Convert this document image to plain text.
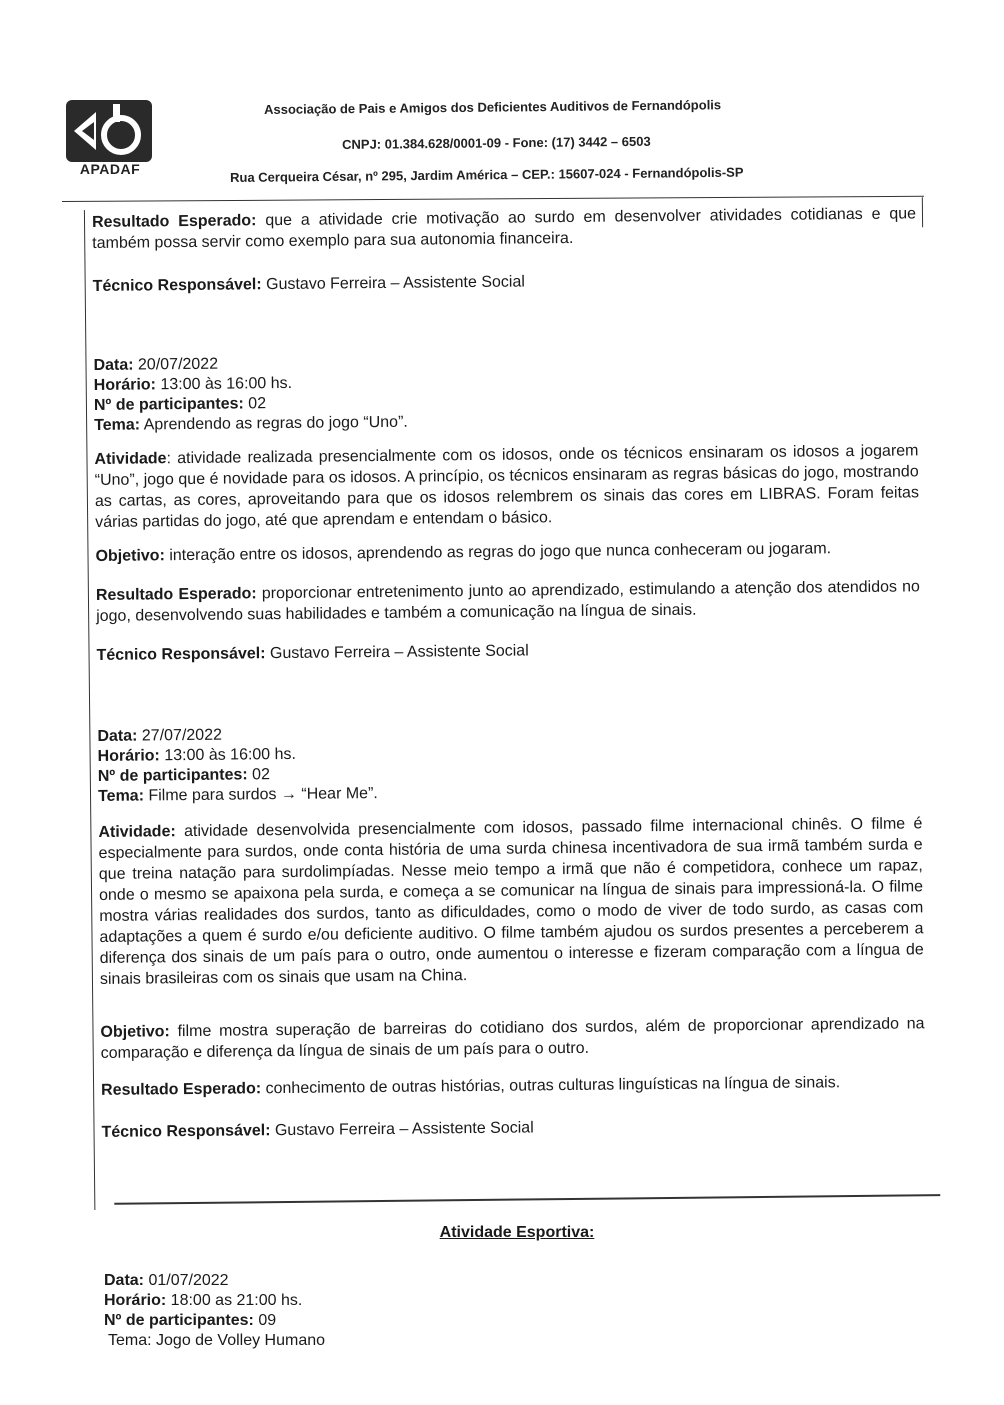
APADAF
Associação de Pais e Amigos dos Deficientes Auditivos de Fernandópolis
CNPJ: 01.384.628/0001-09 - Fone: (17) 3442 – 6503
Rua Cerqueira César, nº 295, Jardim América – CEP.: 15607-024 - Fernandópolis-SP
Resultado Esperado: que a atividade crie motivação ao surdo em desenvolver atividades cotidianas e que também possa servir como exemplo para sua autonomia financeira.
Técnico Responsável: Gustavo Ferreira – Assistente Social
Data: 20/07/2022
Horário: 13:00 às 16:00 hs.
Nº de participantes: 02
Tema: Aprendendo as regras do jogo “Uno”.
Atividade: atividade realizada presencialmente com os idosos, onde os técnicos ensinaram os idosos a jogarem “Uno”, jogo que é novidade para os idosos. A princípio, os técnicos ensinaram as regras básicas do jogo, mostrando as cartas, as cores, aproveitando para que os idosos relembrem os sinais das cores em LIBRAS. Foram feitas várias partidas do jogo, até que aprendam e entendam o básico.
Objetivo: interação entre os idosos, aprendendo as regras do jogo que nunca conheceram ou jogaram.
Resultado Esperado: proporcionar entretenimento junto ao aprendizado, estimulando a atenção dos atendidos no jogo, desenvolvendo suas habilidades e também a comunicação na língua de sinais.
Técnico Responsável: Gustavo Ferreira – Assistente Social
Data: 27/07/2022
Horário: 13:00 às 16:00 hs.
Nº de participantes: 02
Tema: Filme para surdos → “Hear Me”.
Atividade: atividade desenvolvida presencialmente com idosos, passado filme internacional chinês. O filme é especialmente para surdos, onde conta história de uma surda chinesa incentivadora de sua irmã também surda e que treina natação para surdolimpíadas. Nesse meio tempo a irmã que não é competidora, conhece um rapaz, onde o mesmo se apaixona pela surda, e começa a se comunicar na língua de sinais para impressioná-la. O filme mostra várias realidades dos surdos, tanto as dificuldades, como o modo de viver de todo surdo, as casas com adaptações a quem é surdo e/ou deficiente auditivo. O filme também ajudou os surdos presentes a perceberem a diferença dos sinais de um país para o outro, onde aumentou o interesse e fizeram comparação com a língua de sinais brasileiras com os sinais que usam na China.
Objetivo: filme mostra superação de barreiras do cotidiano dos surdos, além de proporcionar aprendizado na comparação e diferença da língua de sinais de um país para o outro.
Resultado Esperado: conhecimento de outras histórias, outras culturas linguísticas na língua de sinais.
Técnico Responsável: Gustavo Ferreira – Assistente Social
Atividade Esportiva:
Data: 01/07/2022
Horário: 18:00 as 21:00 hs.
Nº de participantes: 09
Tema: Jogo de Volley Humano
